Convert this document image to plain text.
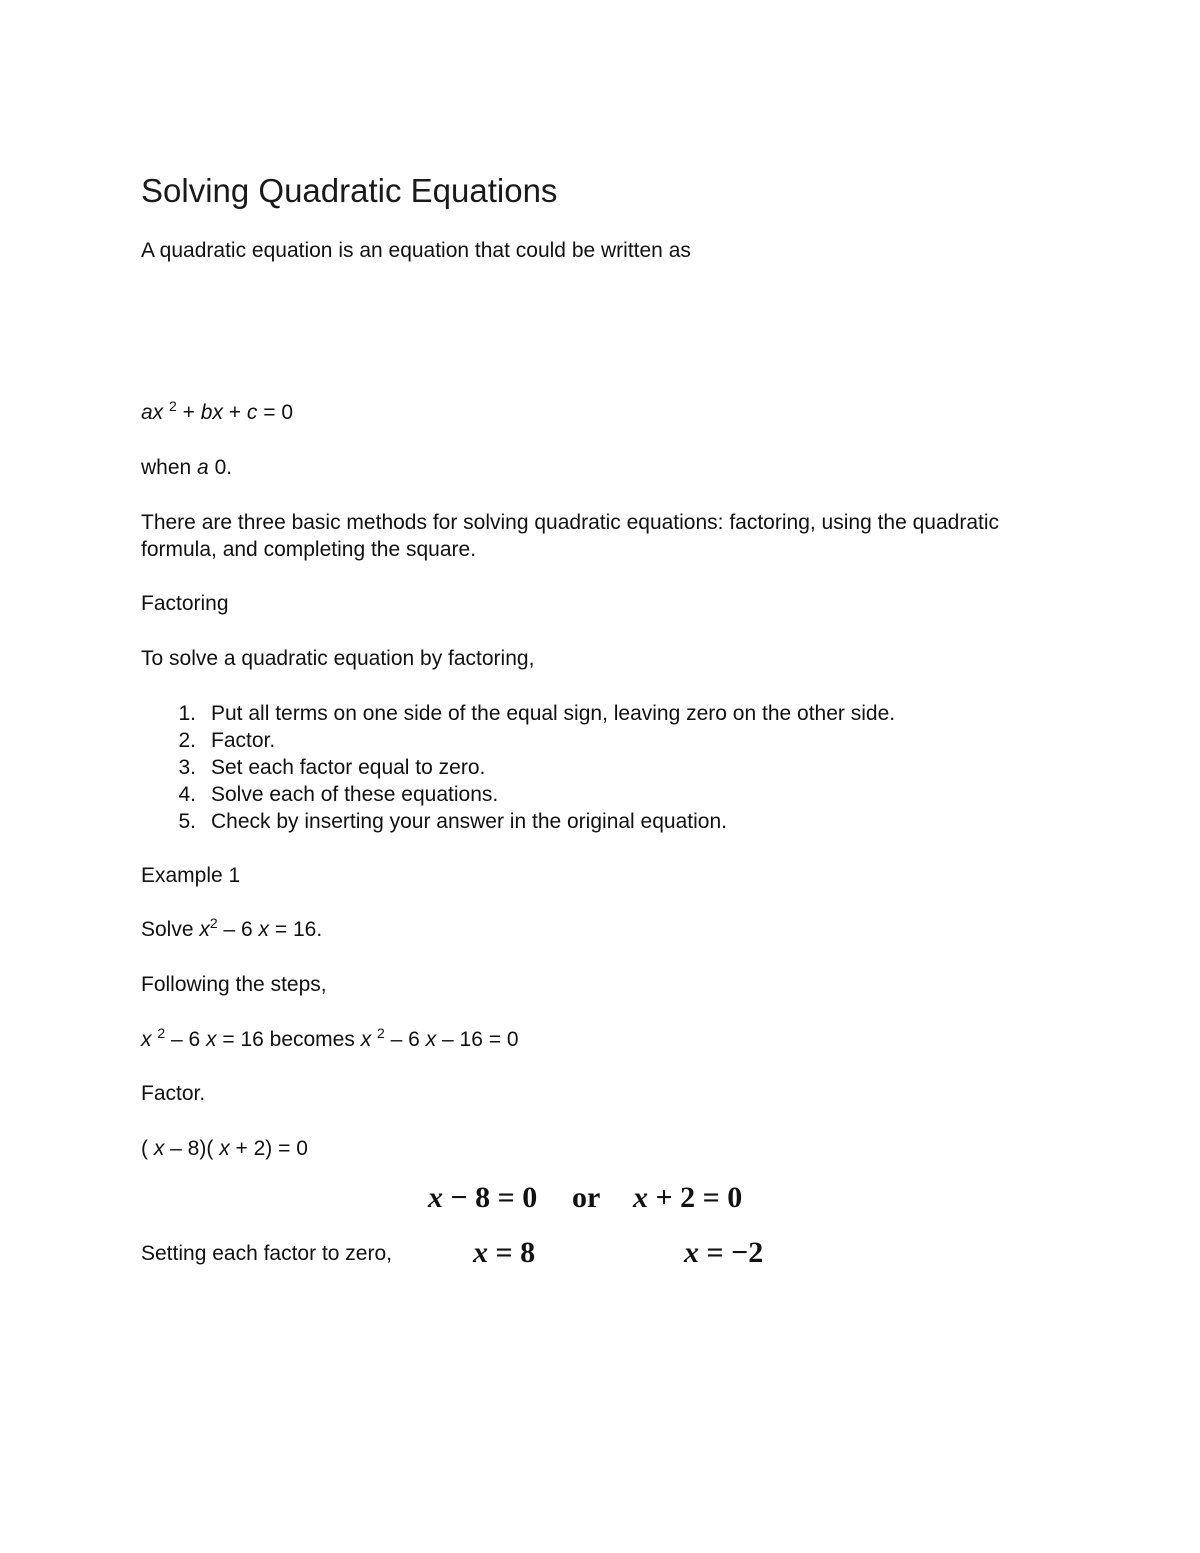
Solving Quadratic Equations

A quadratic equation is an equation that could be written as

ax $^2$ + bx + c = 0

when a 0.

There are three basic methods for solving quadratic equations: factoring, using the quadratic formula, and completing the square.

Factoring

To solve a quadratic equation by factoring,

1. Put all terms on one side of the equal sign, leaving zero on the other side.
2. Factor.
3. Set each factor equal to zero.
4. Solve each of these equations.
5. Check by inserting your answer in the original equation.

Example 1

Solve $x^2 - 6$ x = 16.

Following the steps,

x $^2$ – 6 x = 16 becomes x $^2$ – 6 x – 16 = 0

Factor.

( x – 8)( x + 2) = 0

x − 8 = 0 or x + 2 = 0

Setting each factor to zero,	x = 8	x = −2
